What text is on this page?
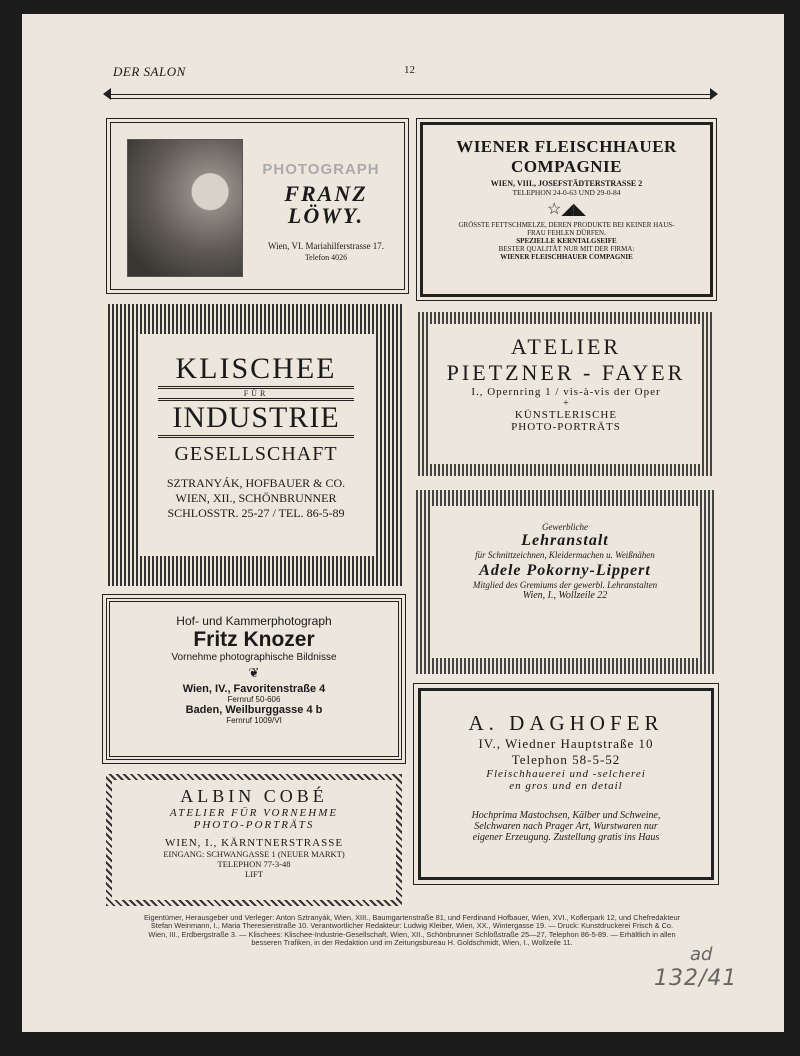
DER SALON	12
PHOTOGRAPH
FRANZ
LÖWY.
Wien, VI. Mariahilferstrasse 17.
Telefon 4026
WIENER FLEISCHHAUER
COMPAGNIE
WIEN, VIII., JOSEFSTÄDTERSTRASSE 2
TELEPHON 24-0-63 UND 29-0-84
☆◢◣
GRÖSSTE FETTSCHMELZE, DEREN PRODUKTE BEI KEINER HAUS-
FRAU FEHLEN DÜRFEN.
SPEZIELLE KERNTALGSEIFE
BESTER QUALITÄT NUR MIT DER FIRMA:
WIENER FLEISCHHAUER COMPAGNIE
KLISCHEE
FÜR
INDUSTRIE
GESELLSCHAFT
SZTRANYÁK, HOFBAUER & CO.
WIEN, XII., SCHÖNBRUNNER
SCHLOSSTR. 25-27 / TEL. 86-5-89
ATELIER
PIETZNER - FAYER
I., Opernring 1 / vis-à-vis der Oper
+
KÜNSTLERISCHE
PHOTO-PORTRÄTS
Gewerbliche
Lehranstalt
für Schnittzeichnen, Kleidermachen u. Weißnähen
Adele Pokorny-Lippert
Mitglied des Gremiums der gewerbl. Lehranstalten
Wien, I., Wollzeile 22
Hof- und Kammerphotograph
Fritz Knozer
Vornehme photographische Bildnisse
❦
Wien, IV., Favoritenstraße 4
Fernruf 50-606
Baden, Weilburggasse 4 b
Fernruf 1009/VI	A. DAGHOFER
IV., Wiedner Hauptstraße 10
Telephon 58-5-52
Fleischhauerei und -selcherei
en gros und en detail
Hochprima Mastochsen, Kälber und Schweine,
Selchwaren nach Prager Art, Wurstwaren nur
eigener Erzeugung. Zustellung gratis ins Haus
ALBIN COBÉ
ATELIER FÜR VORNEHME
PHOTO-PORTRÄTS
WIEN, I., KÄRNTNERSTRASSE
EINGANG: SCHWANGASSE 1 (NEUER MARKT)
TELEPHON 77-3-48
LIFT
Eigentümer, Herausgeber und Verleger: Anton Sztranyák, Wien, XIII., Baumgartenstraße 81, und Ferdinand Hofbauer, Wien, XVI., Koflerpark 12, und Chefredakteur
Stefan Weinmann, I., Maria Theresienstraße 10. Verantwortlicher Redakteur: Ludwig Kleiber, Wien, XX., Wintergasse 19. — Druck: Kunstdruckerei Frisch & Co.
Wien, III., Erdbergstraße 3. — Klischees: Klischee-Industrie-Gesellschaft, Wien, XII., Schönbrunner Schloßstraße 25—27, Telephon 86-5-89. — Erhältlich in allen
besseren Trafiken, in der Redaktion und im Zeitungsbureau H. Goldschmidt, Wien, I., Wollzeile 11.
ad
132/41
